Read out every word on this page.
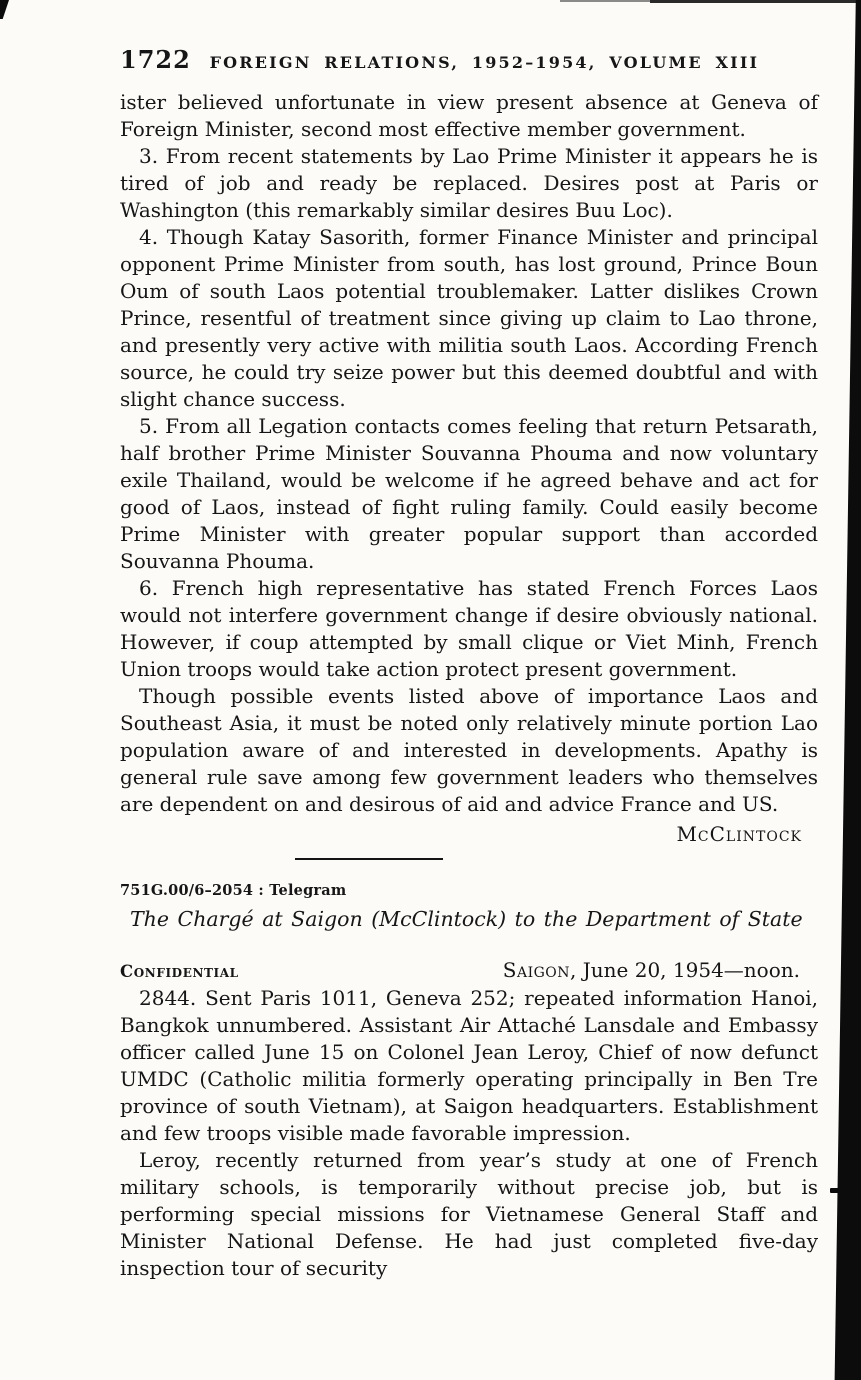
1722	FOREIGN RELATIONS, 1952–1954, VOLUME XIII

ister believed unfortunate in view present absence at Geneva of Foreign Minister, second most effective member government.

3. From recent statements by Lao Prime Minister it appears he is tired of job and ready be replaced. Desires post at Paris or Washington (this remarkably similar desires Buu Loc).

4. Though Katay Sasorith, former Finance Minister and principal opponent Prime Minister from south, has lost ground, Prince Boun Oum of south Laos potential troublemaker. Latter dislikes Crown Prince, resentful of treatment since giving up claim to Lao throne, and presently very active with militia south Laos. According French source, he could try seize power but this deemed doubtful and with slight chance success.

5. From all Legation contacts comes feeling that return Petsarath, half brother Prime Minister Souvanna Phouma and now voluntary exile Thailand, would be welcome if he agreed behave and act for good of Laos, instead of fight ruling family. Could easily become Prime Minister with greater popular support than accorded Souvanna Phouma.

6. French high representative has stated French Forces Laos would not interfere government change if desire obviously national. However, if coup attempted by small clique or Viet Minh, French Union troops would take action protect present government.

Though possible events listed above of importance Laos and Southeast Asia, it must be noted only relatively minute portion Lao population aware of and interested in developments. Apathy is general rule save among few government leaders who themselves are dependent on and desirous of aid and advice France and US.

McClintock
751G.00/6–2054 : Telegram
The Chargé at Saigon (McClintock) to the Department of State
Confidential	Saigon, June 20, 1954—noon.

2844. Sent Paris 1011, Geneva 252; repeated information Hanoi, Bangkok unnumbered. Assistant Air Attaché Lansdale and Embassy officer called June 15 on Colonel Jean Leroy, Chief of now defunct UMDC (Catholic militia formerly operating principally in Ben Tre province of south Vietnam), at Saigon headquarters. Establishment and few troops visible made favorable impression.

Leroy, recently returned from year’s study at one of French military schools, is temporarily without precise job, but is performing special missions for Vietnamese General Staff and Minister National Defense. He had just completed five-day inspection tour of security
